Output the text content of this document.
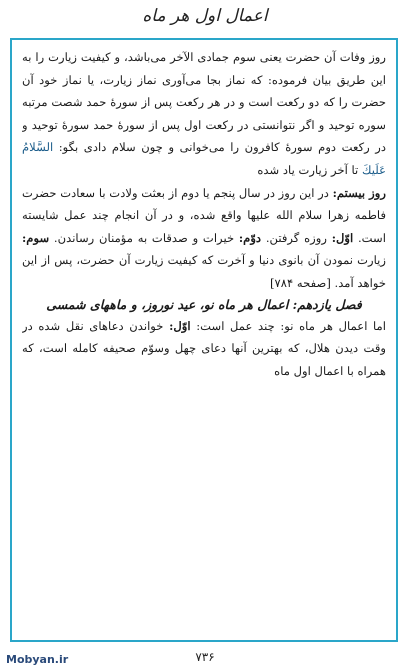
اعمال اول هر ماه

روز وفات آن حضرت یعنی سوم جمادی الآخر می‌باشد، و کیفیت زیارت را به این طریق بیان فرموده: که نماز بجا می‌آوری نماز زیارت، یا نماز خود آن حضرت را که دو رکعت است و در هر رکعت پس از سورهٔ حمد شصت مرتبه سوره توحید و اگر نتوانستی در رکعت اول پس از سورهٔ حمد سورهٔ توحید و در رکعت دوم سورهٔ کافرون را می‌خوانی و چون سلام دادی بگو: السَّلامُ عَلَیكَ تا آخر زیارت یاد شده

روز بیستم: در این روز در سال پنجم یا دوم از بعثت ولادت با سعادت حضرت فاطمه زهرا سلام الله علیها واقع شده، و در آن انجام چند عمل شایسته است. اوّل: روزه گرفتن. دوّم: خیرات و صدقات به مؤمنان رساندن. سوم: زیارت نمودن آن بانوی دنیا و آخرت که کیفیت زیارت آن حضرت، پس از این خواهد آمد. [صفحه ۷۸۴]

فصل یازدهم: اعمال هر ماه نو، عید نوروز، و ماههای شمسی

اما اعمال هر ماه نو: چند عمل است: اوّل: خواندن دعاهای نقل شده در وقت دیدن هلال، که بهترین آنها دعای چهل وسوّم صحیفه کامله است، که همراه با اعمال اول ماه

۷۳۶
Mobyan.ir
